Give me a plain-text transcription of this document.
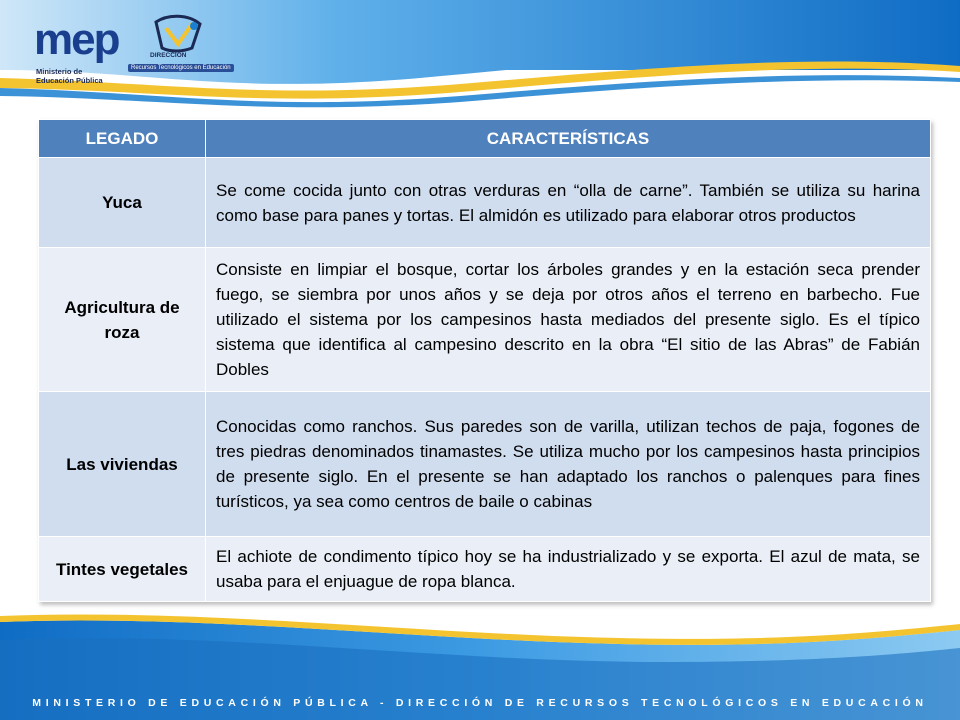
mep
Ministerio de
Educación Pública
DIRECCION
Recursos Tecnológicos en Educación
LEGADO	CARACTERÍSTICAS
Yuca	Se come cocida junto con otras verduras en “olla de carne”. También se utiliza su harina como base para panes y tortas. El almidón es utilizado para elaborar otros productos
Agricultura de roza	Consiste en limpiar el bosque, cortar los árboles grandes y en la estación seca prender fuego, se siembra por unos años y se deja por otros años el terreno en barbecho. Fue utilizado el sistema por los campesinos hasta mediados del presente siglo. Es el típico sistema que identifica al campesino descrito en la obra “El sitio de las Abras” de Fabián Dobles
Las viviendas	Conocidas como ranchos. Sus paredes son de varilla, utilizan techos de paja, fogones de tres piedras denominados tinamastes. Se utiliza mucho por los campesinos hasta principios de presente siglo. En el presente se han adaptado los ranchos o palenques para fines turísticos, ya sea como centros de baile o cabinas
Tintes vegetales	El achiote de condimento típico hoy se ha industrializado y se exporta. El azul de mata, se usaba para el enjuague de ropa blanca.
MINISTERIO DE EDUCACIÓN PÚBLICA - DIRECCIÓN DE RECURSOS TECNOLÓGICOS EN EDUCACIÓN
